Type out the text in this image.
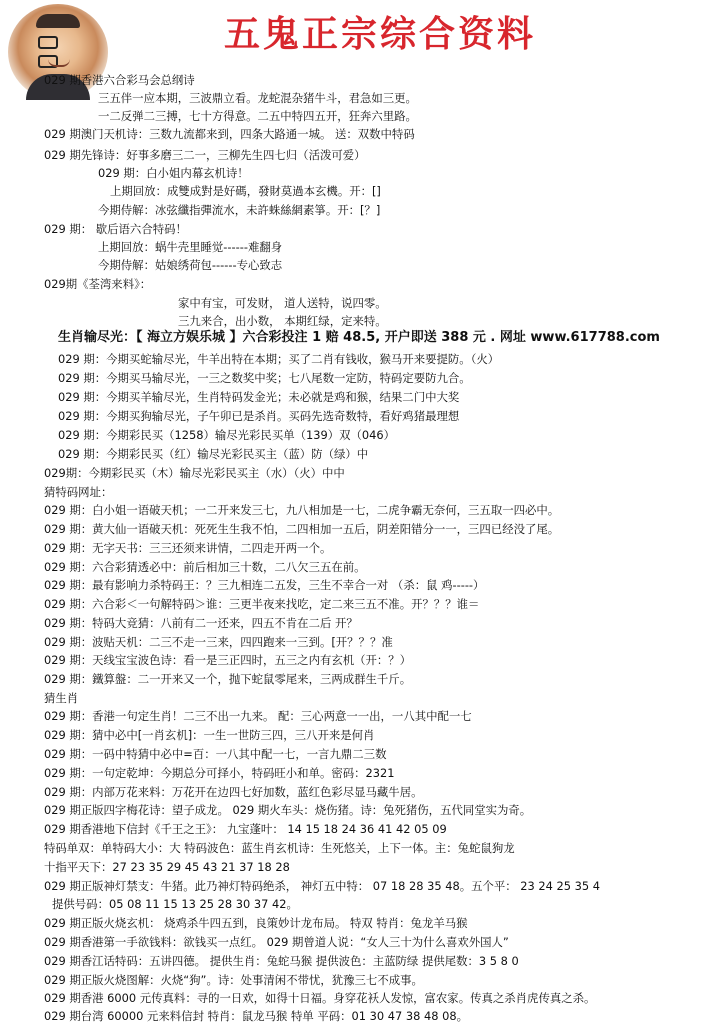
五鬼正宗综合资料
029 期香港六合彩马会总纲诗
三五伴一应本期，三波鼎立看。龙蛇混杂猪牛斗，君急如三更。
一二反弹二三搏，七十方得意。二五中特四五开，狂奔六里路。
029 期澳门天机诗：三数九流都来到，四条大路通一城。 送：双数中特码
029 期先锋诗：好事多磨三二一，三柳先生四七归（活泼可爱）
029 期：白小姐内幕玄机诗！
上期回放：成雙成對是好碼，發財莫過本玄機。开：[]
今期侍解：冰弦纖指彈流水，未許蛛絲網素箏。开：[？]
029 期： 歇后语六合特码！
上期回放：蜗牛壳里睡觉------难翻身
今期侍解：姑娘绣荷包------专心致志
029期《荃湾来料》：
家中有宝，可发财， 道人送特，说四零。
三九来合，出小数， 本期红绿，定来特。
029 期：今期买蛇输尽光，牛羊出特在本期；买了二肖有钱收，猴马开来要提防。（火）
029 期：今期买马输尽光，一三之数奖中奖；七八尾数一定防，特码定要防九合。
029 期：今期买羊输尽光，生肖特码发金光；未必就是鸡和猴，结果二门中大奖
029 期：今期买狗输尽光，子午卯已是杀肖。买码先选奇数特，看好鸡猪最理想
029 期：今期彩民买（1258）输尽光彩民买单（139）双（046）
029 期：今期彩民买（红）输尽光彩民买主（蓝）防（绿）中
029期：今期彩民买（木）输尽光彩民买主（水）（火）中中
猜特码网址：
029 期：白小姐一语破天机；一二开来发三七，九八相加是一七，二虎争霸无奈何，三五取一四必中。
029 期：黄大仙一语破天机：死死生生我不怕，二四相加一五后，阴差阳错分一一，三四已经没了尾。
029 期：无字天书：三三还须来讲情，二四走开两一个。
029 期：六合彩猜透必中：前后相加三十数，二八欠三五在前。
029 期：最有影响力杀特码王：？三九相连二五发，三生不幸合一对 （杀：鼠 鸡-----）
029 期：六合彩＜一句解特码＞谁：三更半夜来找吃，定二来三五不准。开？？？谁＝
029 期：特码大竞猜：八前有二一还来，四五不肯在二后 开？
029 期：波贴天机：二三不走一三来，四四跑来一三到。[开？？？准
029 期：天线宝宝波色诗：看一是三正四时，五三之内有玄机（开：？）
029 期：鐵算盤：二一开来又一个，抛下蛇鼠零尾来，三两成群生千斤。
猜生肖
029 期：香港一句定生肖！二三不出一九来。 配：三心两意一一出，一八其中配一七
029 期：猜中必中[一肖玄机]：一生一世防三四，三八开来是何肖
029 期：一码中特猜中必中=百：一八其中配一七，一言九鼎二三数
029 期：一句定乾坤：今期总分可择小，特码旺小和单。密码：2321
029 期：内部万花来料：万花开在边四七好加数，蓝红色彩尽显马藏牛居。
029 期正版四字梅花诗：望子成龙。 029 期火车头：烧伤猪。诗：兔死猪伤，五代同堂实为奇。
029 期香港地下信封《千王之王》： 九宝蓬叶： 14 15 18 24 36 41 42 05 09
特码单双：单特码大小：大 特码波色：蓝生肖玄机诗：生死悠关，上下一体。主：兔蛇鼠狗龙
十指平天下：27 23 35 29 45 43 21 37 18 28
029 期正版神灯禁支：牛猪。此乃神灯特码绝杀， 神灯五中特： 07 18 28 35 48。五个平： 23 24 25 35 4
提供号码：05 08 11 15 13 25 28 30 37 42。
029 期正版火烧玄机： 烧鸡杀牛四五到，良策妙计龙布局。 特双 特肖：兔龙羊马猴
029 期香港第一手欲钱料：欲钱买一点红。 029 期曾道人说：“女人三十为什么喜欢外国人”
029 期香江话特码：五讲四德。 提供生肖：兔蛇马猴 提供波色：主蓝防绿 提供尾数：3 5 8 0
029 期正版火烧图解：火烧“狗”。诗：处事清闲不带忧，犹豫三七不成事。
生肖输尽光：【 海立方娱乐城 】六合彩投注 1 赔 48.5, 开户即送 388 元 . 网址 www.617788.com
029 期香港 6000 元传真料：寻的一日欢，如得十日福。身穿花袄人发惊，富农家。传真之杀肖虎传真之杀。
029 期台湾 60000 元来料信封 特肖：鼠龙马猴 特单 平码：01 30 47 38 48 08。
